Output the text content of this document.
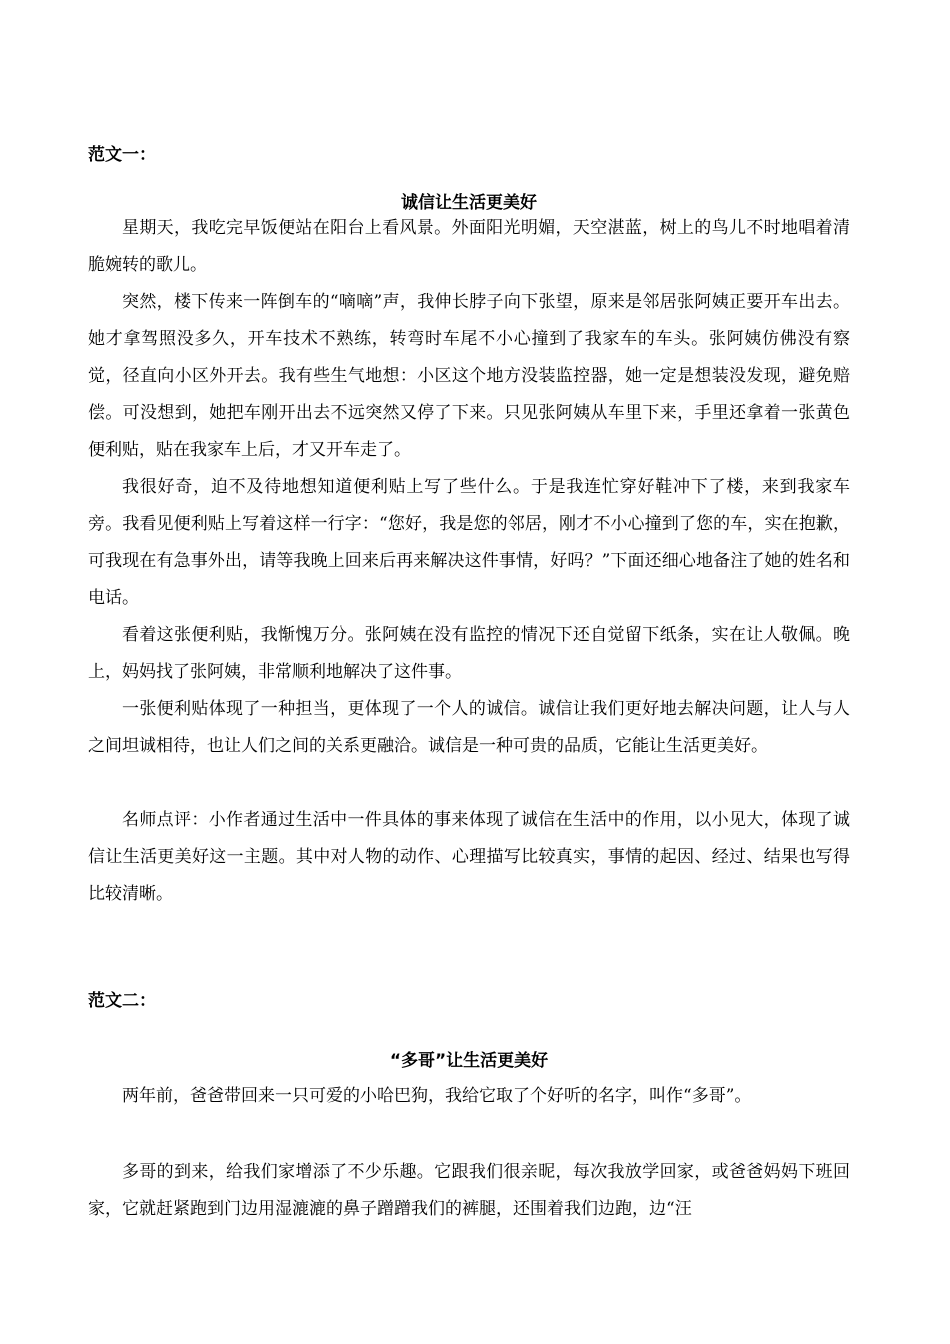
范文一：

诚信让生活更美好

星期天，我吃完早饭便站在阳台上看风景。外面阳光明媚，天空湛蓝，树上的鸟儿不时地唱着清脆婉转的歌儿。

突然，楼下传来一阵倒车的“嘀嘀”声，我伸长脖子向下张望，原来是邻居张阿姨正要开车出去。她才拿驾照没多久，开车技术不熟练，转弯时车尾不小心撞到了我家车的车头。张阿姨仿佛没有察觉，径直向小区外开去。我有些生气地想：小区这个地方没装监控器，她一定是想装没发现，避免赔偿。可没想到，她把车刚开出去不远突然又停了下来。只见张阿姨从车里下来，手里还拿着一张黄色便利贴，贴在我家车上后，才又开车走了。

我很好奇，迫不及待地想知道便利贴上写了些什么。于是我连忙穿好鞋冲下了楼，来到我家车旁。我看见便利贴上写着这样一行字：“您好，我是您的邻居，刚才不小心撞到了您的车，实在抱歉，可我现在有急事外出，请等我晚上回来后再来解决这件事情，好吗？”下面还细心地备注了她的姓名和电话。

看着这张便利贴，我惭愧万分。张阿姨在没有监控的情况下还自觉留下纸条，实在让人敬佩。晚上，妈妈找了张阿姨，非常顺利地解决了这件事。

一张便利贴体现了一种担当，更体现了一个人的诚信。诚信让我们更好地去解决问题，让人与人之间坦诚相待，也让人们之间的关系更融洽。诚信是一种可贵的品质，它能让生活更美好。

名师点评：小作者通过生活中一件具体的事来体现了诚信在生活中的作用，以小见大，体现了诚信让生活更美好这一主题。其中对人物的动作、心理描写比较真实，事情的起因、经过、结果也写得比较清晰。

范文二：

“多哥”让生活更美好

两年前，爸爸带回来一只可爱的小哈巴狗，我给它取了个好听的名字，叫作“多哥”。

多哥的到来，给我们家增添了不少乐趣。它跟我们很亲昵，每次我放学回家，或爸爸妈妈下班回家，它就赶紧跑到门边用湿漉漉的鼻子蹭蹭我们的裤腿，还围着我们边跑，边“汪
